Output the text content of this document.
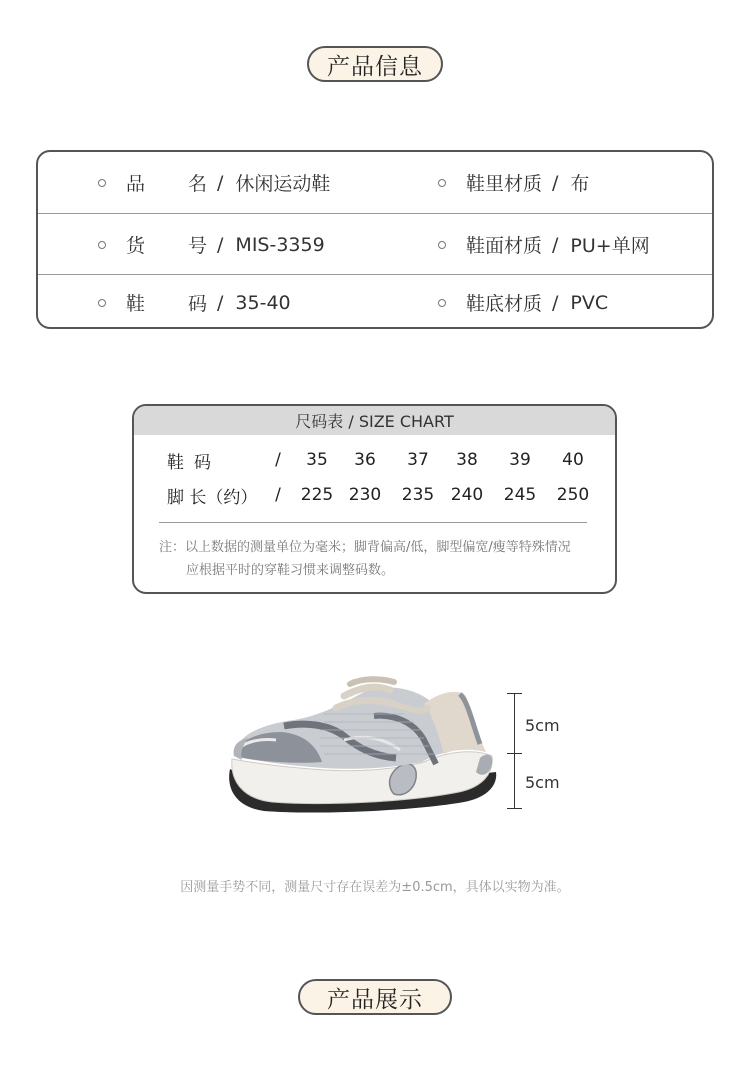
产品信息
品	名 / 休闲运动鞋	鞋里材质 / 布
货	号 / MIS-3359	鞋面材质 / PU+单网
鞋	码 / 35-40	鞋底材质 / PVC
尺码表 / SIZE CHART
鞋码	/	35	36	37	38	39	40
脚 长（约） / 225 230 235 240 245 250
注：以上数据的测量单位为毫米；脚背偏高/低，脚型偏宽/瘦等特殊情况
应根据平时的穿鞋习惯来调整码数。
5cm
5cm
因测量手势不同，测量尺寸存在误差为±0.5cm，具体以实物为准。
产品展示
